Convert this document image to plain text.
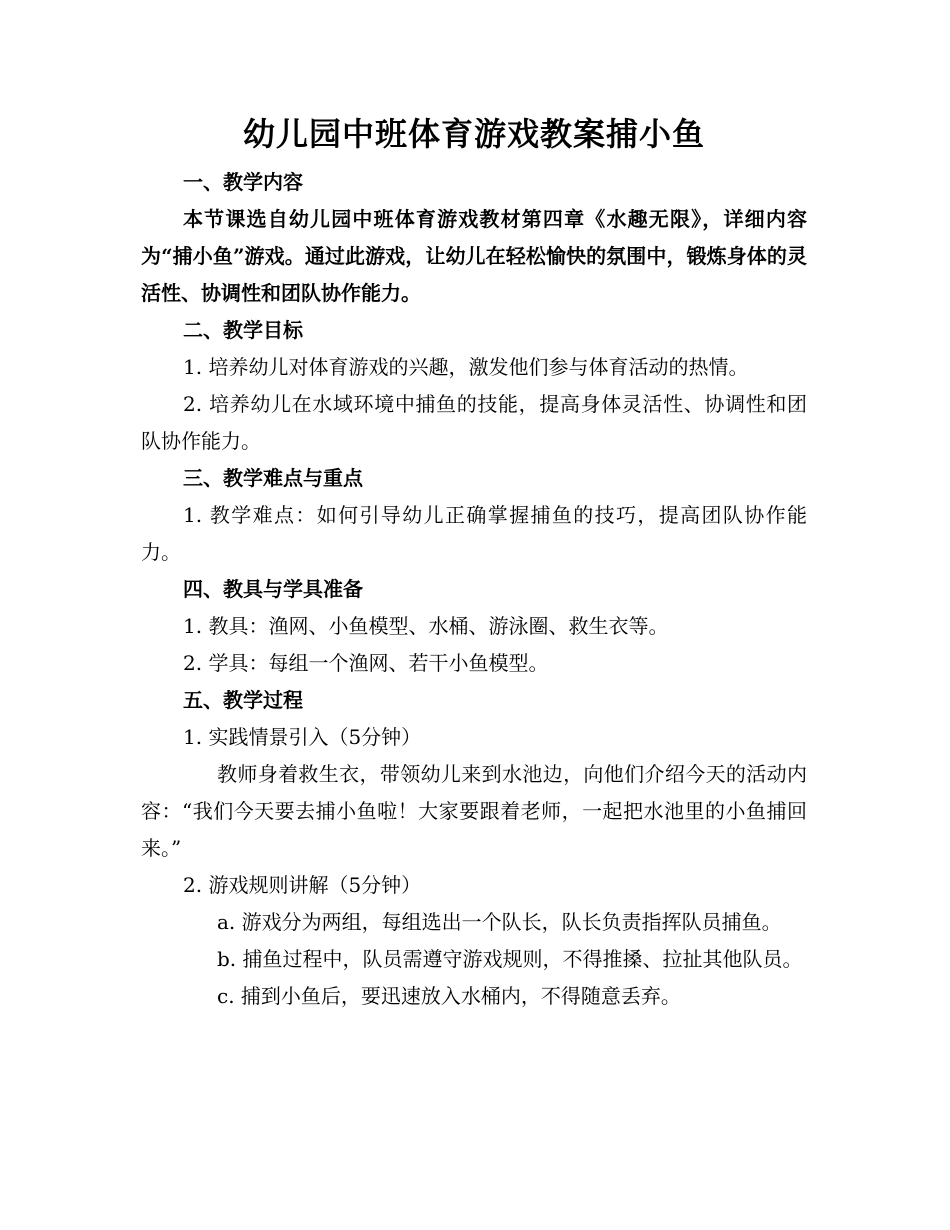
幼儿园中班体育游戏教案捕小鱼

一、教学内容

本节课选自幼儿园中班体育游戏教材第四章《水趣无限》，详细内容为“捕小鱼”游戏。通过此游戏，让幼儿在轻松愉快的氛围中，锻炼身体的灵活性、协调性和团队协作能力。

二、教学目标

1. 培养幼儿对体育游戏的兴趣，激发他们参与体育活动的热情。

2. 培养幼儿在水域环境中捕鱼的技能，提高身体灵活性、协调性和团队协作能力。

三、教学难点与重点

1. 教学难点：如何引导幼儿正确掌握捕鱼的技巧，提高团队协作能力。

四、教具与学具准备

1. 教具：渔网、小鱼模型、水桶、游泳圈、救生衣等。

2. 学具：每组一个渔网、若干小鱼模型。

五、教学过程

1. 实践情景引入（5分钟）

教师身着救生衣，带领幼儿来到水池边，向他们介绍今天的活动内容：“我们今天要去捕小鱼啦！大家要跟着老师，一起把水池里的小鱼捕回来。”

2. 游戏规则讲解（5分钟）

a. 游戏分为两组，每组选出一个队长，队长负责指挥队员捕鱼。

b. 捕鱼过程中，队员需遵守游戏规则，不得推搡、拉扯其他队员。

c. 捕到小鱼后，要迅速放入水桶内，不得随意丢弃。
